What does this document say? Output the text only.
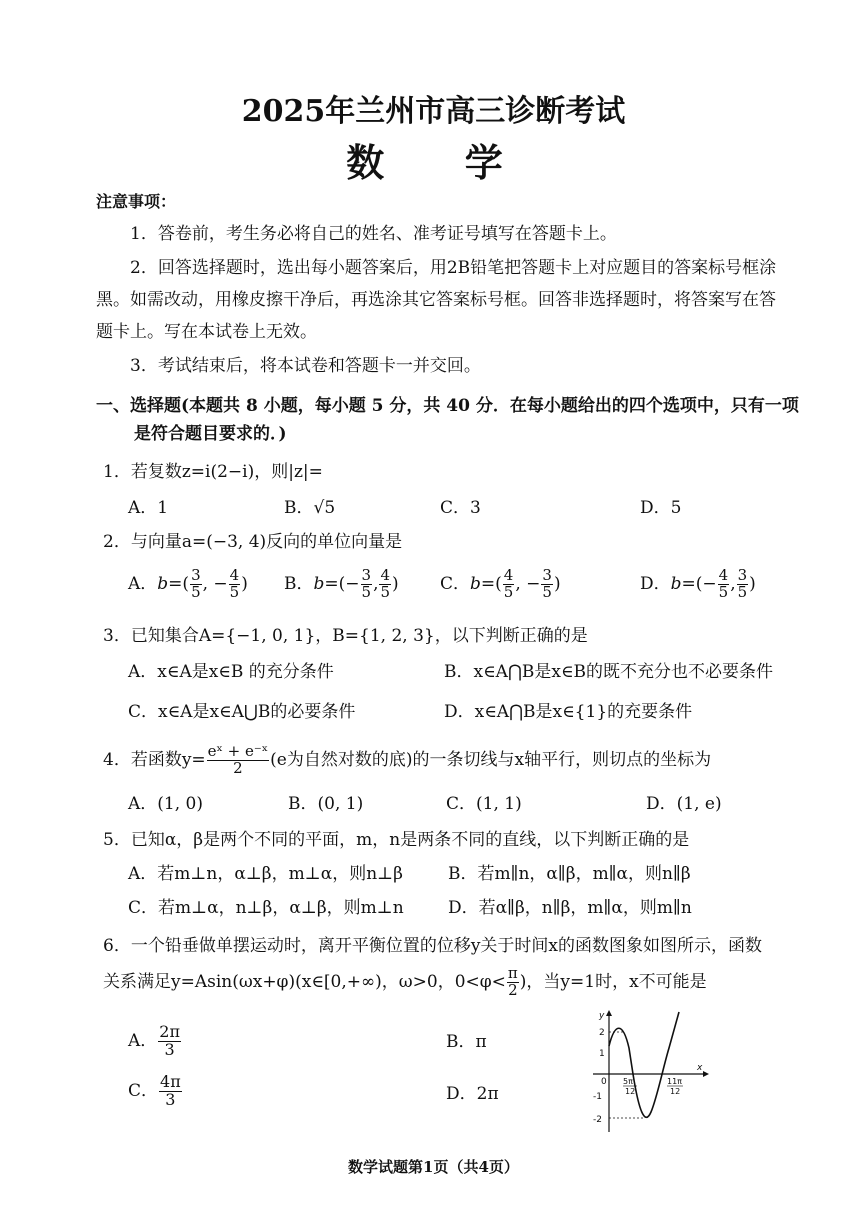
2025年兰州市高三诊断考试
数  学
注意事项：
1．答卷前，考生务必将自己的姓名、准考证号填写在答题卡上。
2．回答选择题时，选出每小题答案后，用2B铅笔把答题卡上对应题目的答案标号框涂
黑。如需改动，用橡皮擦干净后，再选涂其它答案标号框。回答非选择题时，将答案写在答
题卡上。写在本试卷上无效。
3．考试结束后，将本试卷和答题卡一并交回。
一、选择题(本题共 8 小题，每小题 5 分，共 40 分．在每小题给出的四个选项中，只有一项
是符合题目要求的．)
1．若复数z=i(2−i)，则|z|=
A．1	B．√5	C．3	D．5
2．与向量a=(−3, 4)反向的单位向量是
A．$b=( \frac{3}{5}$ , − $\frac{4}{5}$ ) B．$b=(- \frac{3}{5}$ , $\frac{4}{5}$ ) C．$b=( \frac{4}{5}$ , − $\frac{3}{5}$ )	D．$b=(- \frac{4}{5}$ , $\frac{3}{5}$ )
3．已知集合A={−1, 0, 1}，B={1, 2, 3}，以下判断正确的是
A．x∈A是x∈B 的充分条件	B．x∈A⋂B是x∈B的既不充分也不必要条件
C．x∈A是x∈A⋃B的必要条件	D．x∈A⋂B是x∈{1}的充要条件
4．若函数$y= \frac{\text{eˣ + e⁻ˣ}}{2} (e$为自然对数的底)的一条切线与x轴平行，则切点的坐标为
A．(1, 0)	B．(0, 1)	C．(1, 1)	D．(1, e)
5．已知α，β是两个不同的平面，m，n是两条不同的直线，以下判断正确的是
A．若m⊥n，α⊥β，m⊥α，则n⊥β	B．若m∥n，α∥β，m∥α，则n∥β
C．若m⊥α，n⊥β，α⊥β，则m⊥n	D．若α∥β，n∥β，m∥α，则m∥n
6．一个铅垂做单摆运动时，离开平衡位置的位移y关于时间x的函数图象如图所示，函数
关系满足y=Asin(ωx+φ)(x∈[0,+∞)，ω>0，$0<\varphi< \frac{\pi}{2}$ )，当y=1时，x不可能是
A． $\frac{2\pi}{3}$	B．π
C． $\frac{4\pi}{3}$	D．2π
y
2
1
-1
-2
0 5π
12
11π
12
x
数学试题第1页（共4页）
